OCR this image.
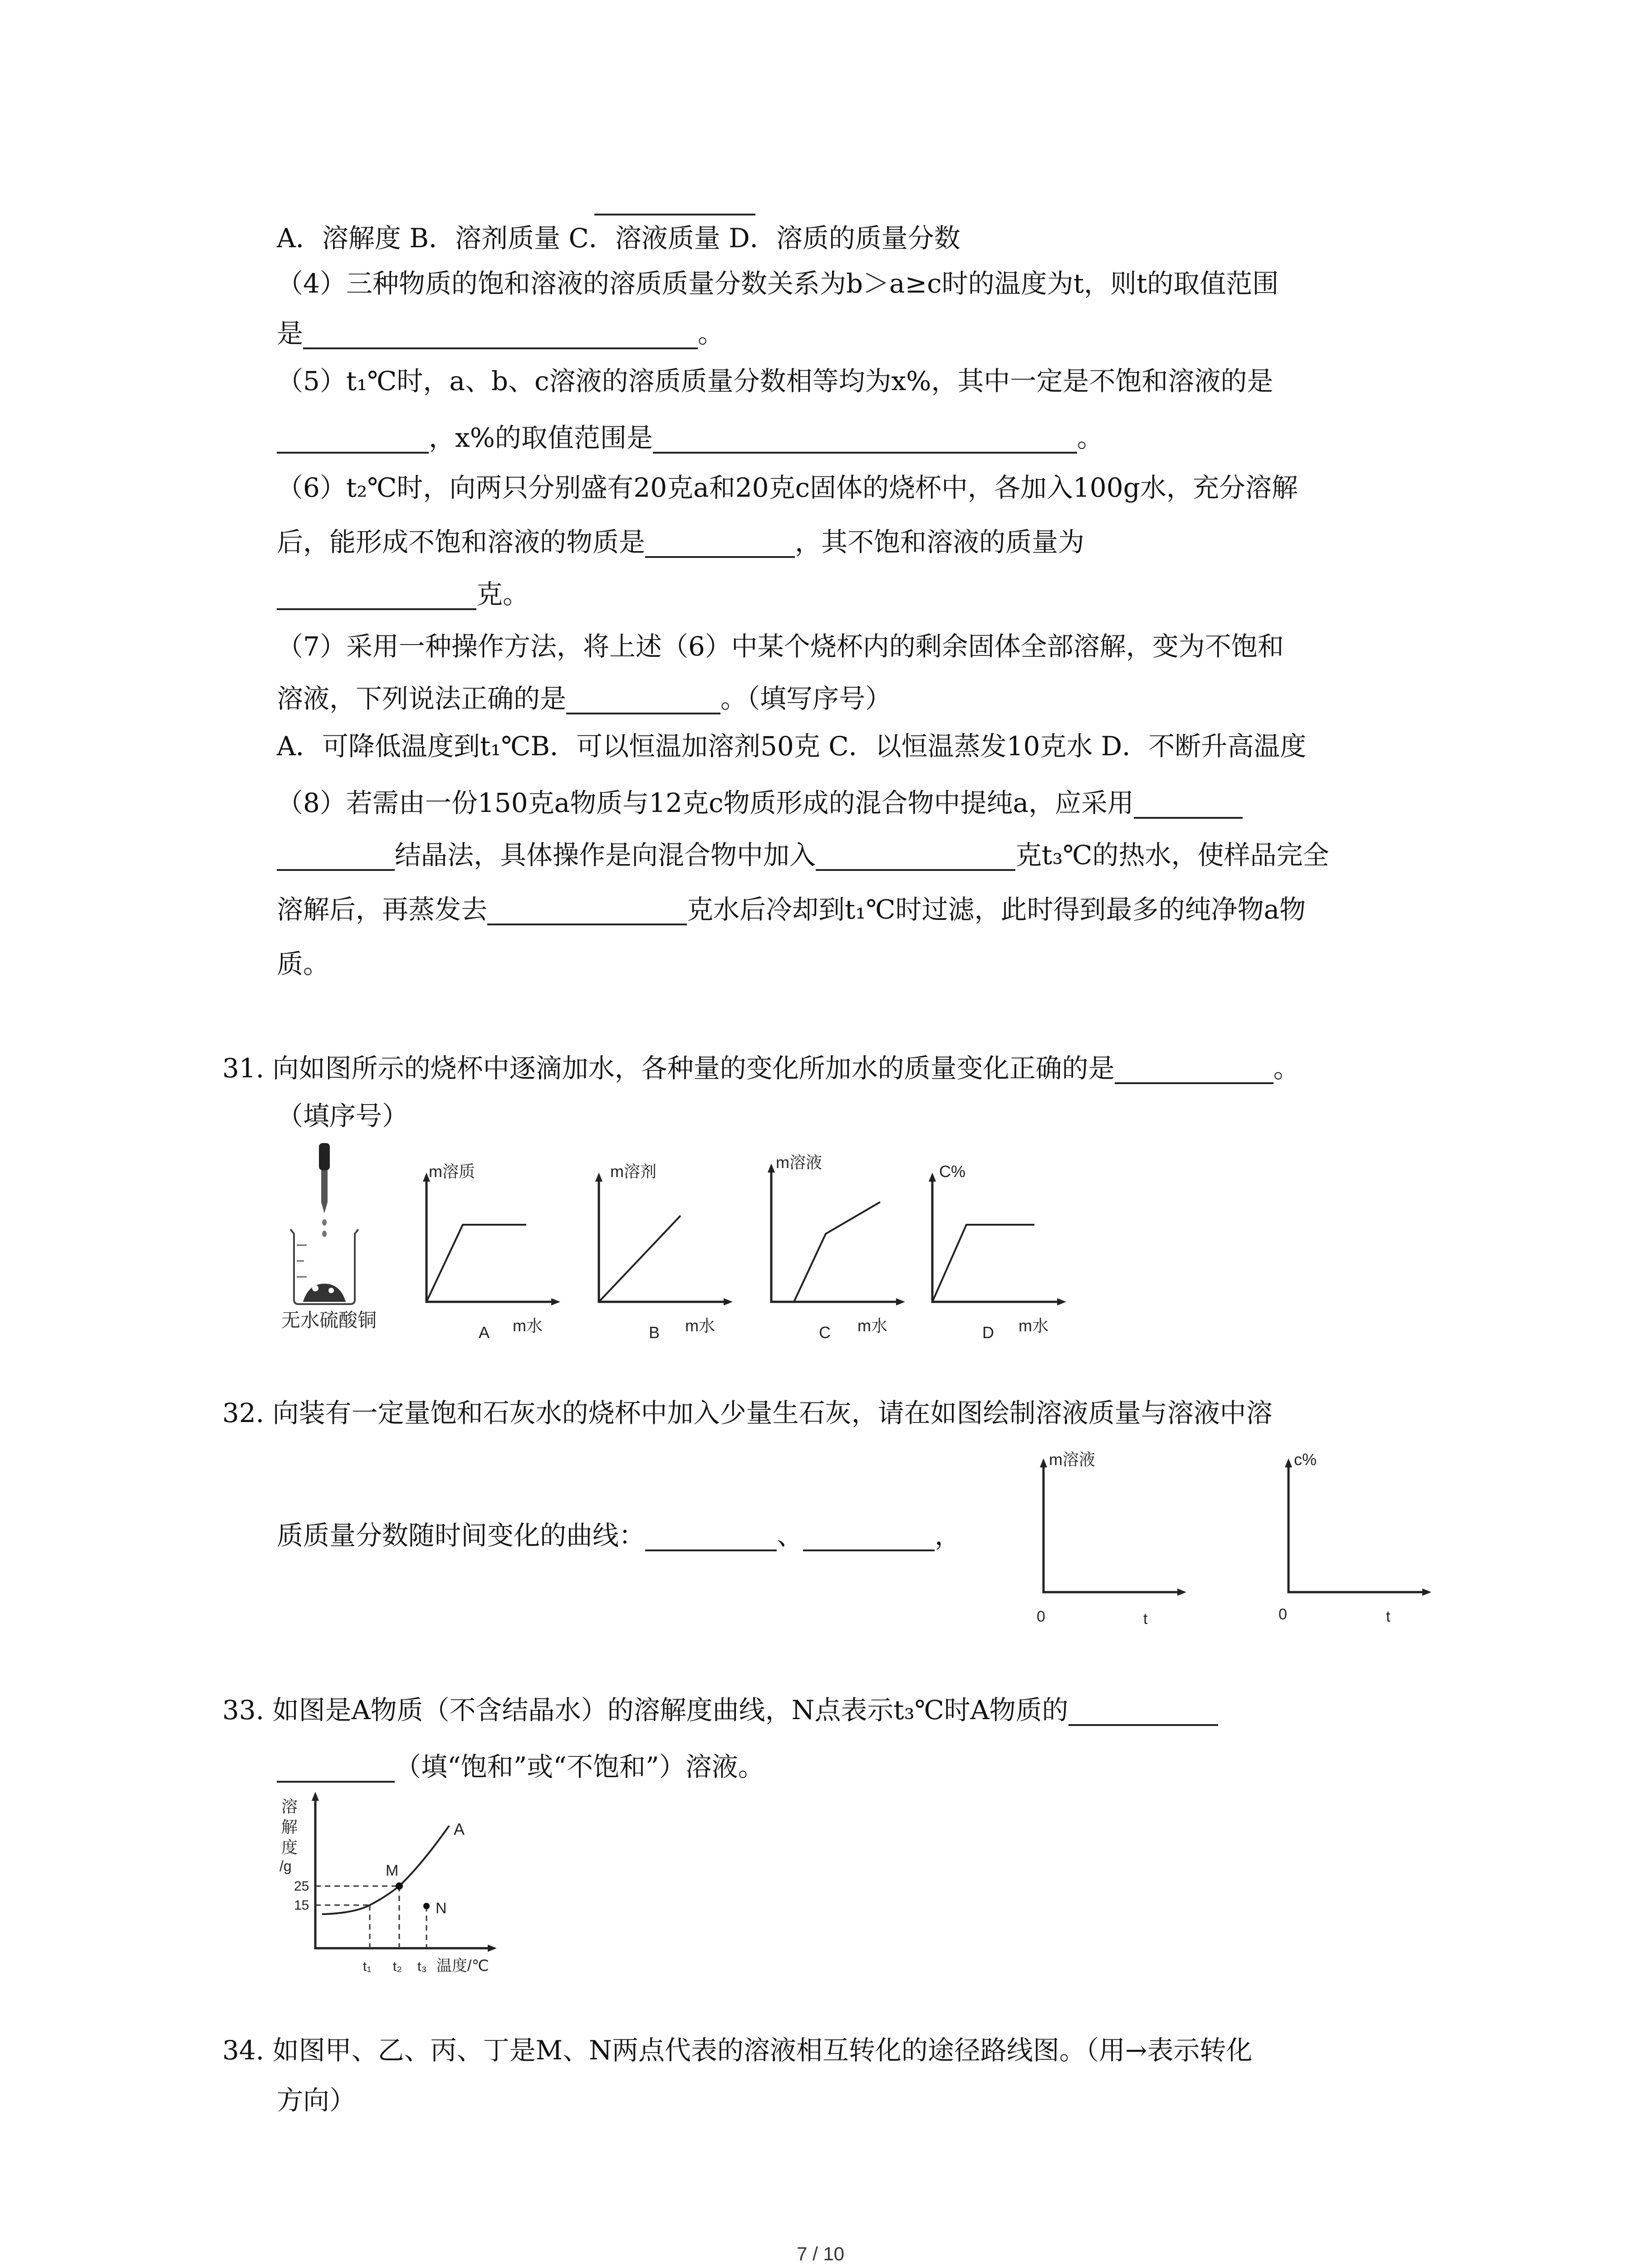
A．溶解度 B．溶剂质量 C．溶液质量 D．溶质的质量分数
（4）三种物质的饱和溶液的溶质质量分数关系为b＞a≥c时的温度为t，则t的取值范围
是	。
（5）t₁℃时，a、b、c溶液的溶质质量分数相等均为x%，其中一定是不饱和溶液的是
，x%的取值范围是	。
（6）t₂℃时，向两只分别盛有20克a和20克c固体的烧杯中，各加入100g水，充分溶解
后，能形成不饱和溶液的物质是	，其不饱和溶液的质量为
克。
（7）采用一种操作方法，将上述（6）中某个烧杯内的剩余固体全部溶解，变为不饱和
溶液，下列说法正确的是	。（填写序号）
A．可降低温度到t₁℃B．可以恒温加溶剂50克 C．以恒温蒸发10克水 D．不断升高温度
（8）若需由一份150克a物质与12克c物质形成的混合物中提纯a，应采用
结晶法，具体操作是向混合物中加入	克t₃℃的热水，使样品完全
溶解后，再蒸发去	克水后冷却到t₁℃时过滤，此时得到最多的纯净物a物
质。
31. 向如图所示的烧杯中逐滴加水，各种量的变化所加水的质量变化正确的是	。
（填序号）
无水硫酸铜
m溶质
m水
A
m溶剂
m水
B
m溶液
m水
C
C%
m水
D
32. 向装有一定量饱和石灰水的烧杯中加入少量生石灰，请在如图绘制溶液质量与溶液中溶
质质量分数随时间变化的曲线：	、	，
m溶液
0	t
c%
0	t
33. 如图是A物质（不含结晶水）的溶解度曲线，N点表示t₃℃时A物质的
（填“饱和”或“不饱和”）溶液。
溶
解
度
/g
A
M
N
25
15
t₁ t₂ t₃ 温度/℃
34. 如图甲、乙、丙、丁是M、N两点代表的溶液相互转化的途径路线图。（用→表示转化
方向）
7 / 10
